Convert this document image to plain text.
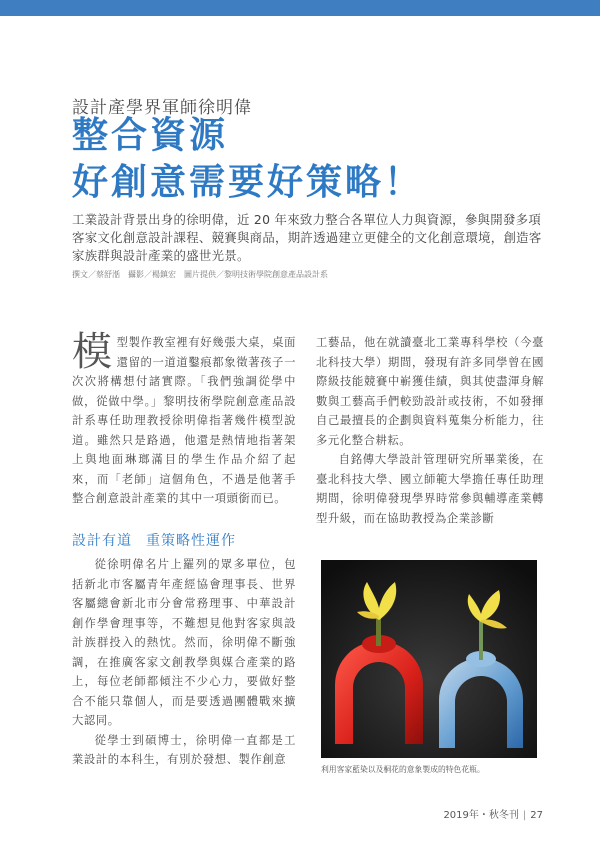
設計產學界軍師徐明偉
整合資源
好創意需要好策略！
工業設計背景出身的徐明偉，近 20 年來致力整合各單位人力與資源，參與開發多項客家文化創意設計課程、競賽與商品，期許透過建立更健全的文化創意環境，創造客家族群與設計產業的盛世光景。
撰文／蔡舒湉　攝影／楊鎮宏　圖片提供／黎明技術學院創意產品設計系
模 型製作教室裡有好幾張大桌，桌面還留的一道道鑿痕都象徵著孩子一次次將構想付諸實際。「我們強調從學中做，從做中學。」黎明技術學院創意產品設計系專任助理教授徐明偉指著幾件模型說道。雖然只是路過，他還是熱情地指著架上與地面琳瑯滿目的學生作品介紹了起來，而「老師」這個角色，不過是他著手整合創意設計產業的其中一項頭銜而已。

設計有道 重策略性運作

從徐明偉名片上羅列的眾多單位，包括新北市客屬青年產經協會理事長、世界客屬總會新北市分會常務理事、中華設計創作學會理事等，不難想見他對客家與設計族群投入的熱忱。然而，徐明偉不斷強調，在推廣客家文創教學與媒合產業的路上，每位老師都傾注不少心力，要做好整合不能只靠個人，而是要透過團體戰來擴大認同。

從學士到碩博士，徐明偉一直都是工業設計的本科生，有別於發想、製作創意

工藝品，他在就讀臺北工業專科學校（今臺北科技大學）期間，發現有許多同學曾在國際級技能競賽中嶄獲佳績，與其使盡渾身解數與工藝高手們較勁設計或技術，不如發揮自己最擅長的企劃與資料蒐集分析能力，往多元化整合耕耘。

自銘傳大學設計管理研究所畢業後，在臺北科技大學、國立師範大學擔任專任助理期間，徐明偉發現學界時常參與輔導產業轉型升級，而在協助教授為企業診斷

利用客家藍染以及桐花的意象製成的特色花瓶。
2019年・秋冬刊 | 27
